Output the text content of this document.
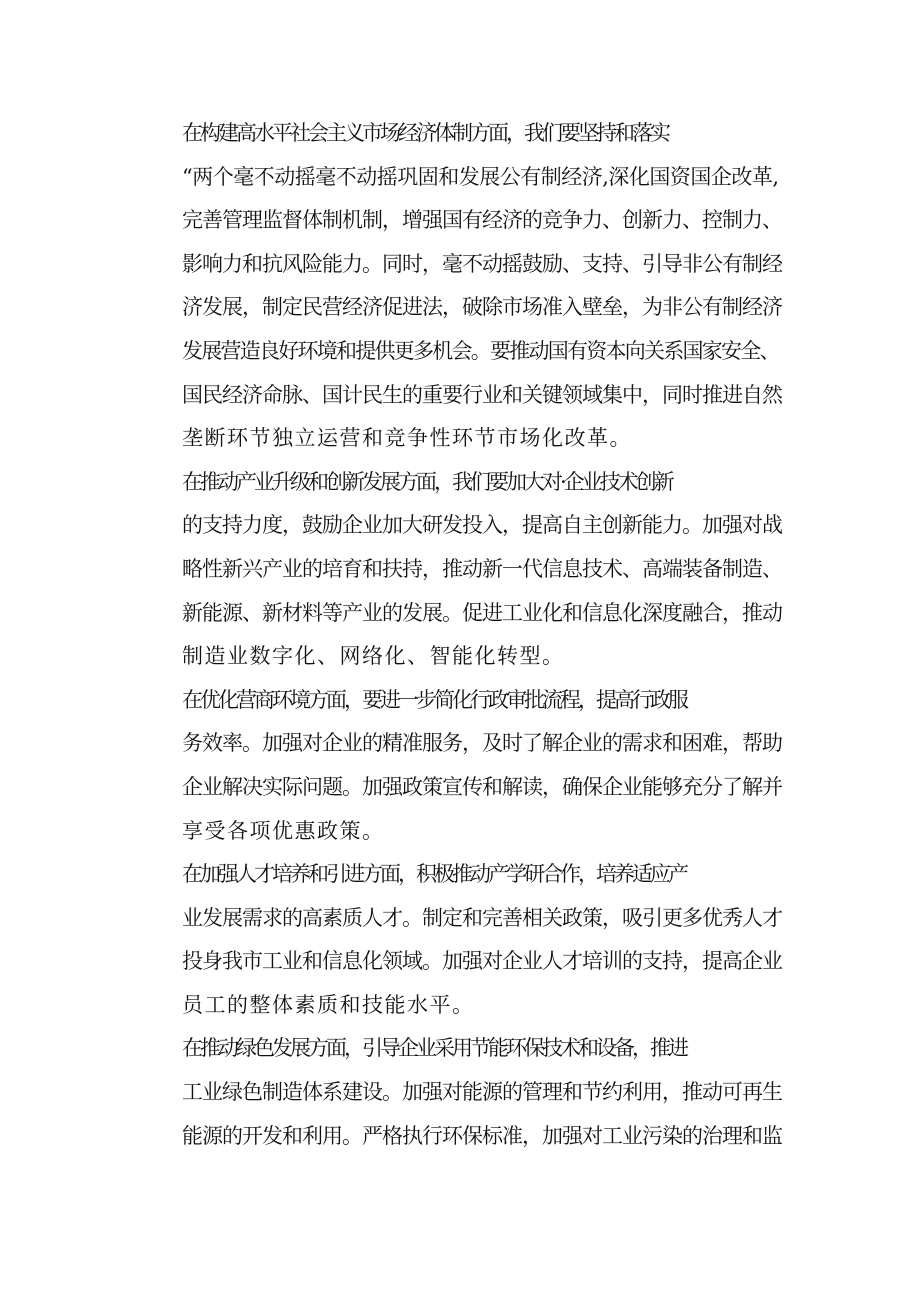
在构建高水平社会主义市场经济体制方面，我们要坚持和落实
“两个毫不动摇毫不动摇巩固和发展公有制经济,深化国资国企改革,
完善管理监督体制机制，增强国有经济的竞争力、创新力、控制力、
影响力和抗风险能力。同时，毫不动摇鼓励、支持、引导非公有制经
济发展，制定民营经济促进法，破除市场准入壁垒，为非公有制经济
发展营造良好环境和提供更多机会。要推动国有资本向关系国家安全、
国民经济命脉、国计民生的重要行业和关键领域集中，同时推进自然
垄断环节独立运营和竞争性环节市场化改革。

在推动产业升级和创新发展方面，我们要加大对·企业技术创新
的支持力度，鼓励企业加大研发投入，提高自主创新能力。加强对战
略性新兴产业的培育和扶持，推动新一代信息技术、高端装备制造、
新能源、新材料等产业的发展。促进工业化和信息化深度融合，推动
制造业数字化、网络化、智能化转型。

在优化营商环境方面，要进一步简化行政审批流程，提高行政服
务效率。加强对企业的精准服务，及时了解企业的需求和困难，帮助
企业解决实际问题。加强政策宣传和解读，确保企业能够充分了解并
享受各项优惠政策。

在加强人才培养和引进方面，积极推动产学研合作，培养适应产
业发展需求的高素质人才。制定和完善相关政策，吸引更多优秀人才
投身我市工业和信息化领域。加强对企业人才培训的支持，提高企业
员工的整体素质和技能水平。

在推动绿色发展方面，引导企业采用节能环保技术和设备，推进
工业绿色制造体系建设。加强对能源的管理和节约利用，推动可再生
能源的开发和利用。严格执行环保标准，加强对工业污染的治理和监
